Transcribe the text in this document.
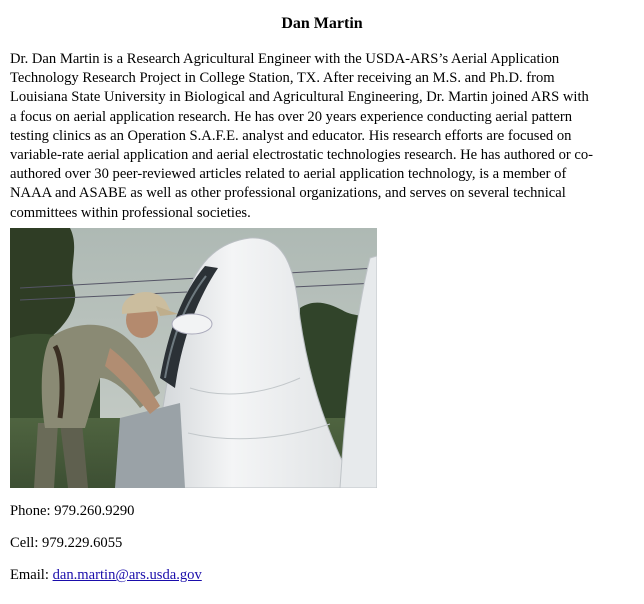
Dan Martin
Dr. Dan Martin is a Research Agricultural Engineer with the USDA-ARS’s Aerial Application
Technology Research Project in College Station, TX. After receiving an M.S. and Ph.D. from
Louisiana State University in Biological and Agricultural Engineering, Dr. Martin joined ARS with
a focus on aerial application research. He has over 20 years experience conducting aerial pattern
testing clinics as an Operation S.A.F.E. analyst and educator. His research efforts are focused on
variable-rate aerial application and aerial electrostatic technologies research. He has authored or co-
authored over 30 peer-reviewed articles related to aerial application technology, is a member of
NAAA and ASABE as well as other professional organizations, and serves on several technical
committees within professional societies.
Phone: 979.260.9290
Cell: 979.229.6055
Email: dan.martin@ars.usda.gov
